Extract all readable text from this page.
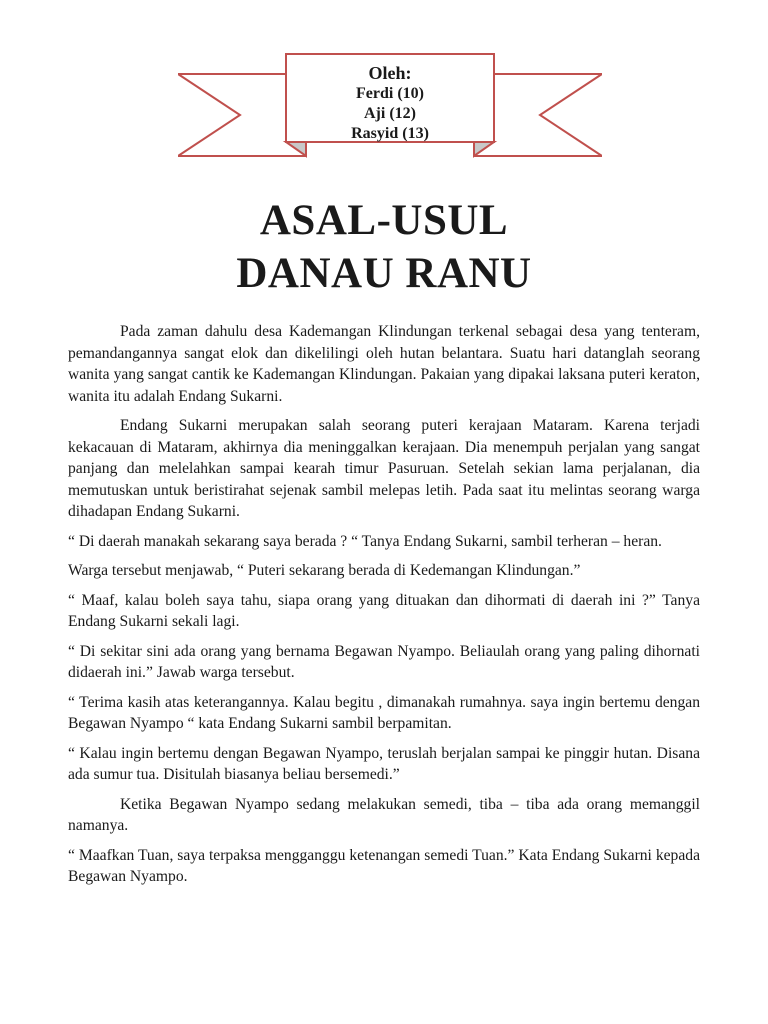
Oleh:
Ferdi (10)
Aji (12)
Rasyid (13)
ASAL-USUL
DANAU RANU

Pada zaman dahulu desa Kademangan Klindungan terkenal sebagai desa yang tenteram, pemandangannya sangat elok dan dikelilingi oleh hutan belantara. Suatu hari datanglah seorang wanita yang sangat cantik ke Kademangan Klindungan. Pakaian yang dipakai laksana puteri keraton, wanita itu adalah Endang Sukarni.

Endang Sukarni merupakan salah seorang puteri kerajaan Mataram. Karena terjadi kekacauan di Mataram, akhirnya dia meninggalkan kerajaan. Dia menempuh perjalan yang sangat panjang dan melelahkan sampai kearah timur Pasuruan. Setelah sekian lama perjalanan, dia memutuskan untuk beristirahat sejenak sambil melepas letih. Pada saat itu melintas seorang warga dihadapan Endang Sukarni.

“ Di daerah manakah sekarang saya berada ? “ Tanya Endang Sukarni, sambil terheran – heran.

Warga tersebut menjawab, “ Puteri sekarang berada di Kedemangan Klindungan.”

“ Maaf, kalau boleh saya tahu, siapa orang yang dituakan dan dihormati di daerah ini ?” Tanya Endang Sukarni sekali lagi.

“ Di sekitar sini ada orang yang bernama Begawan Nyampo. Beliaulah orang yang paling dihornati didaerah ini.” Jawab warga tersebut.

“ Terima kasih atas keterangannya. Kalau begitu , dimanakah rumahnya. saya ingin bertemu dengan Begawan Nyampo “ kata Endang Sukarni sambil berpamitan.

“ Kalau ingin bertemu dengan Begawan Nyampo, teruslah berjalan sampai ke pinggir hutan. Disana ada sumur tua. Disitulah biasanya beliau bersemedi.”

Ketika Begawan Nyampo sedang melakukan semedi, tiba – tiba ada orang memanggil namanya.

“ Maafkan Tuan, saya terpaksa mengganggu ketenangan semedi Tuan.” Kata Endang Sukarni kepada Begawan Nyampo.
